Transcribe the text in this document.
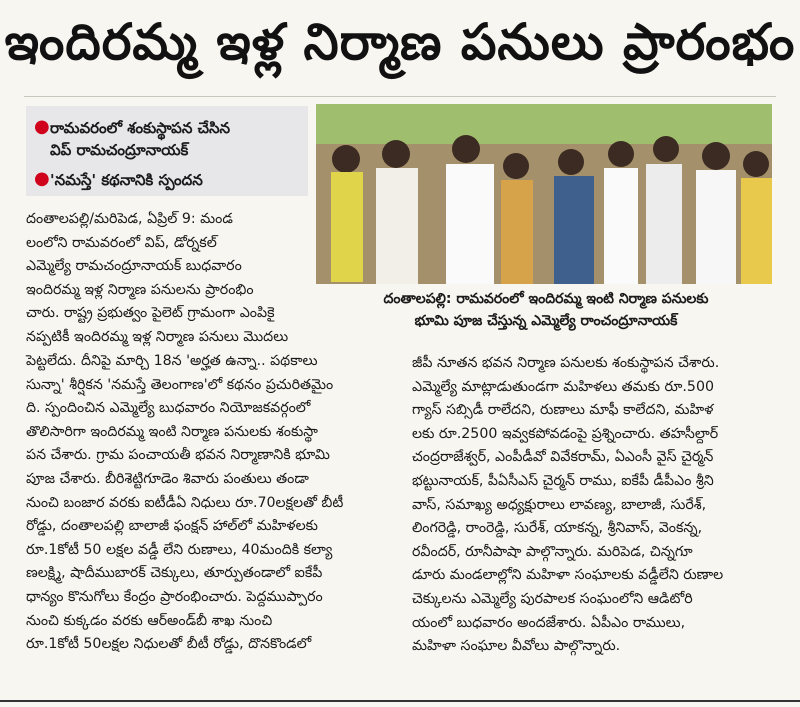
ఇందిరమ్మ ఇళ్ల నిర్మాణ పనులు ప్రారంభం
● రామవరంలో శంకుస్థాపన చేసిన
విప్ రామచంద్రూనాయక్
● 'నమస్తే' కథనానికి స్పందన
దంతాలపల్లి: రామవరంలో ఇందిరమ్మ ఇంటి నిర్మాణ పనులకు
భూమి పూజ చేస్తున్న ఎమ్మెల్యే రాంచంద్రూనాయక్

దంతాలపల్లి/మరిపెడ, ఏప్రిల్ 9: మండ

లంలోని రామవరంలో విప్, డోర్నకల్

ఎమ్మెల్యే రామచంద్రూనాయక్ బుధవారం

ఇందిరమ్మ ఇళ్ల నిర్మాణ పనులను ప్రారంభిం

చారు. రాష్ట్ర ప్రభుత్వం పైలెట్ గ్రామంగా ఎంపికై

నప్పటికీ ఇందిరమ్మ ఇళ్ల నిర్మాణ పనులు మొదలు

పెట్టలేదు. దీనిపై మార్చి 18న 'అర్హత ఉన్నా.. పథకాలు

సున్నా' శీర్షికన 'నమస్తే తెలంగాణ'లో కథనం ప్రచురితమైం

ది. స్పందించిన ఎమ్మెల్యే బుధవారం నియోజకవర్గంలో

తొలిసారిగా ఇందిరమ్మ ఇంటి నిర్మాణ పనులకు శంకుస్థా

పన చేశారు. గ్రామ పంచాయతీ భవన నిర్మాణానికి భూమి

పూజ చేశారు. బీరిశెట్టిగూడెం శివారు పంతులు తండా

నుంచి బంజార వరకు ఐటీడీఏ నిధులు రూ.70లక్షలతో బీటీ

రోడ్డు, దంతాలపల్లి బాలాజీ ఫంక్షన్ హాల్‌లో మహిళలకు

రూ.1కోటీ 50 లక్షల వడ్డీ లేని రుణాలు, 40మందికి కల్యా

ణలక్ష్మి, షాదీముబారక్ చెక్కులు, తూర్పుతండాలో ఐకేపీ

ధాన్యం కొనుగోలు కేంద్రం ప్రారంభించారు. పెద్దముప్పారం

నుంచి కుక్కడం వరకు ఆర్‌అండ్‌బీ శాఖ నుంచి

రూ.1కోటీ 50లక్షల నిధులతో బీటీ రోడ్డు, దొనకొండలో

జీపీ నూతన భవన నిర్మాణ పనులకు శంకుస్థాపన చేశారు.

ఎమ్మెల్యే మాట్లాడుతుండగా మహిళలు తమకు రూ.500

గ్యాస్ సబ్సిడీ రాలేదని, రుణాలు మాఫీ కాలేదని, మహిళ

లకు రూ.2500 ఇవ్వకపోవడంపై ప్రశ్నించారు. తహసీల్దార్

చంద్రరాజేశ్వర్, ఎంపీడీవో వివేకరామ్, ఏఎంసీ వైస్ చైర్మన్

భట్టునాయక్, పీఏసీఎస్ చైర్మన్ రాము, ఐకేపీ డీపీఎం శ్రీని

వాస్, సమాఖ్య అధ్యక్షురాలు లావణ్య, బాలాజీ, సురేశ్,

లింగరెడ్డి, రాంరెడ్డి, సురేశ్, యాకన్న, శ్రీనివాస్, వెంకన్న,

రవీందర్, రూనీపాషా పాల్గొన్నారు. మరిపెడ, చిన్నగూ

డూరు మండలాల్లోని మహిళా సంఘాలకు వడ్డీలేని రుణాల

చెక్కులను ఎమ్మెల్యే పురపాలక సంఘంలోని ఆడిటోరి

యంలో బుధవారం అందజేశారు. ఏపీఎం రాములు,

మహిళా సంఘాల వీవోలు పాల్గొన్నారు.
